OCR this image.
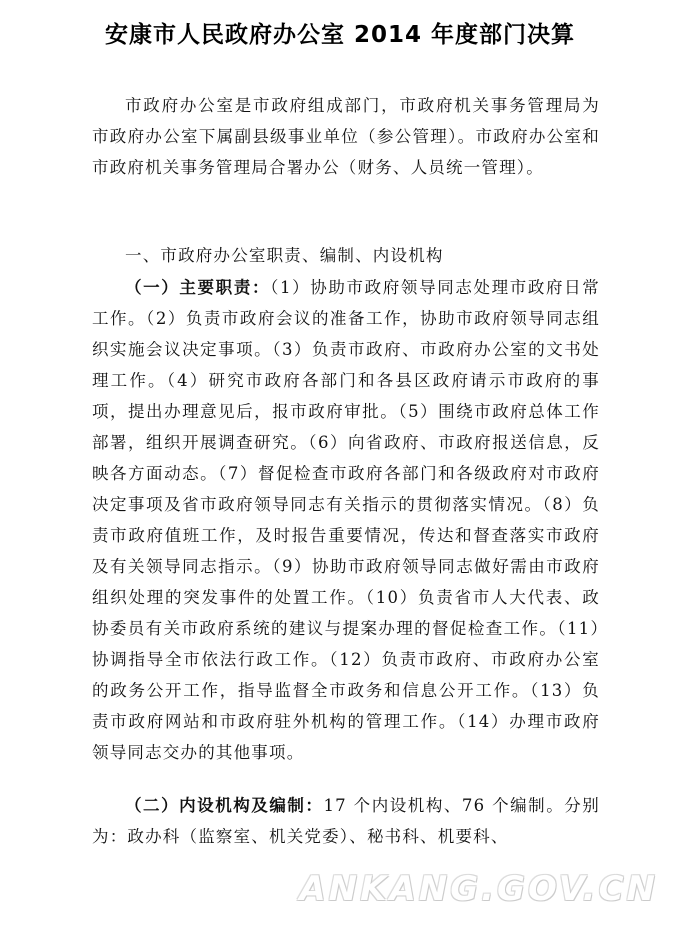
安康市人民政府办公室 2014 年度部门决算

市政府办公室是市政府组成部门，市政府机关事务管理局为市政府办公室下属副县级事业单位（参公管理）。市政府办公室和市政府机关事务管理局合署办公（财务、人员统一管理）。

一、市政府办公室职责、编制、内设机构

（一）主要职责：（1）协助市政府领导同志处理市政府日常工作。（2）负责市政府会议的准备工作，协助市政府领导同志组织实施会议决定事项。（3）负责市政府、市政府办公室的文书处理工作。（4）研究市政府各部门和各县区政府请示市政府的事项，提出办理意见后，报市政府审批。（5）围绕市政府总体工作部署，组织开展调查研究。（6）向省政府、市政府报送信息，反映各方面动态。（7）督促检查市政府各部门和各级政府对市政府决定事项及省市政府领导同志有关指示的贯彻落实情况。（8）负责市政府值班工作，及时报告重要情况，传达和督查落实市政府及有关领导同志指示。（9）协助市政府领导同志做好需由市政府组织处理的突发事件的处置工作。（10）负责省市人大代表、政协委员有关市政府系统的建议与提案办理的督促检查工作。（11）协调指导全市依法行政工作。（12）负责市政府、市政府办公室的政务公开工作，指导监督全市政务和信息公开工作。（13）负责市政府网站和市政府驻外机构的管理工作。（14）办理市政府领导同志交办的其他事项。

（二）内设机构及编制：17 个内设机构、76 个编制。分别为：政办科（监察室、机关党委）、秘书科、机要科、

ANKANG.GOV.CN
